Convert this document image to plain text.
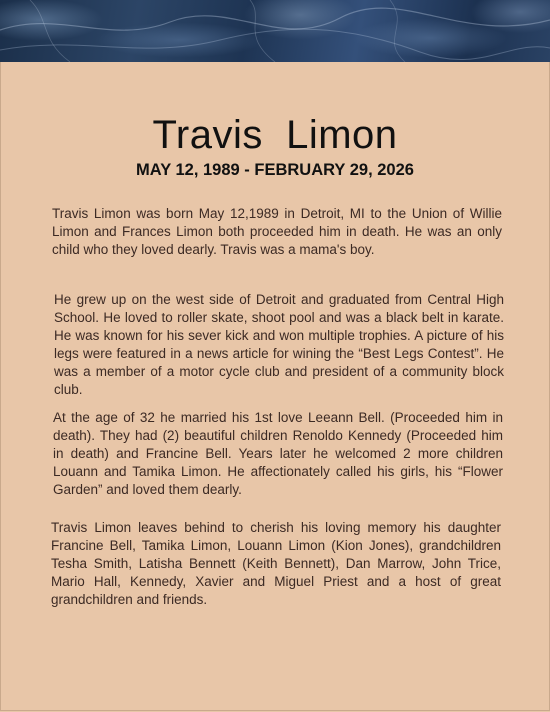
Travis  Limon
MAY 12, 1989 - FEBRUARY 29, 2026

Travis Limon was born May 12,1989 in Detroit, MI to the Union of Willie Limon and Frances Limon both proceeded him in death. He was an only child who they loved dearly. Travis was a mama's boy.

He grew up on the west side of Detroit and graduated from Central High School. He loved to roller skate, shoot pool and was a black belt in karate. He was known for his sever kick and won multiple trophies. A picture of his legs were featured in a news article for wining the “Best Legs Contest”. He was a member of a motor cycle club and president of a community block club.

At the age of 32 he married his 1st love Leeann Bell. (Proceeded him in death). They had (2) beautiful children Renoldo Kennedy (Proceeded him in death) and Francine Bell. Years later he welcomed 2 more children Louann and Tamika Limon. He affectionately called his girls, his “Flower Garden” and loved them dearly.

Travis Limon leaves behind to cherish his loving memory his daughter Francine Bell, Tamika Limon, Louann Limon (Kion Jones), grandchildren Tesha Smith, Latisha Bennett (Keith Bennett), Dan Marrow, John Trice, Mario Hall, Kennedy, Xavier and Miguel Priest and a host of great grandchildren and friends.
